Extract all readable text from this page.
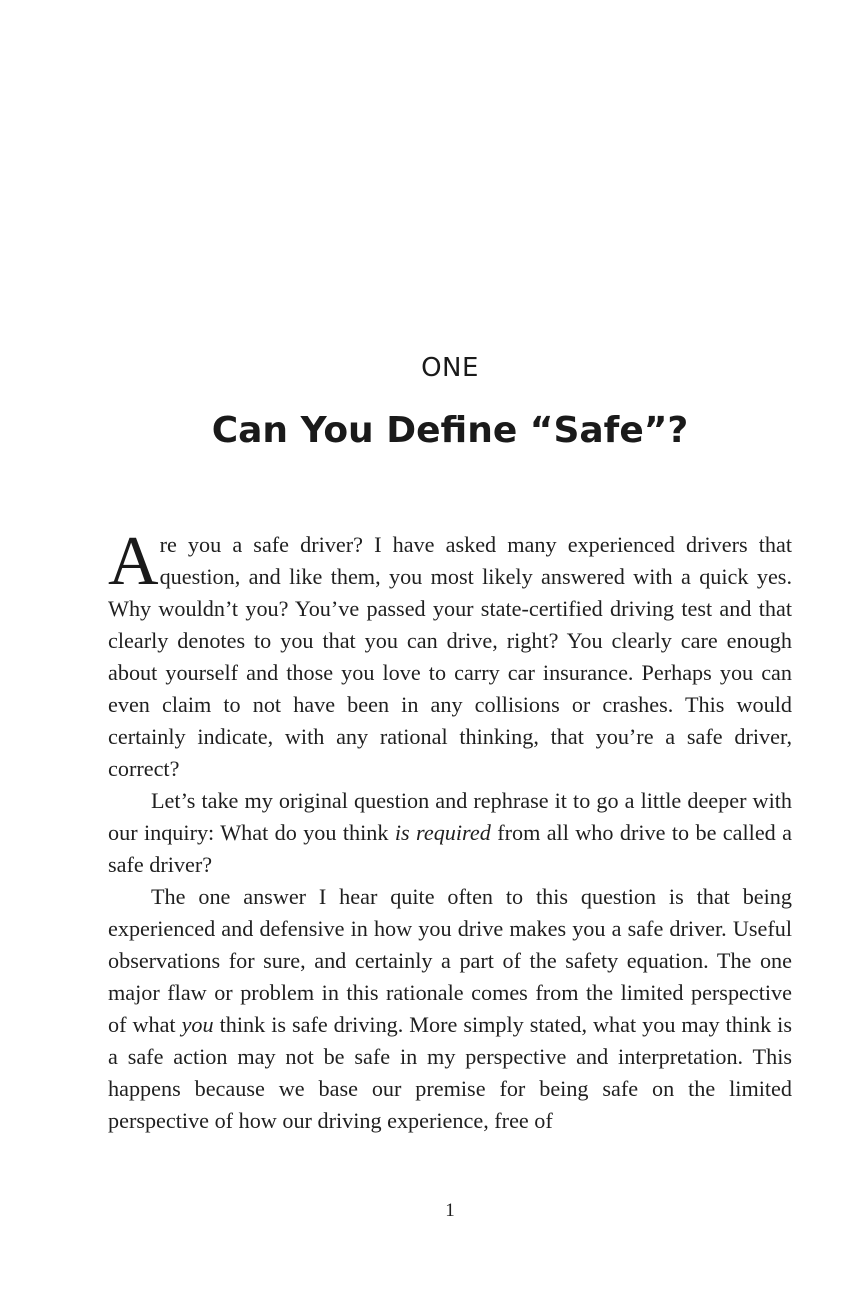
ONE
Can You Define “Safe”?

Are you a safe driver? I have asked many experienced drivers that question, and like them, you most likely answered with a quick yes. Why wouldn’t you? You’ve passed your state-certified driving test and that clearly denotes to you that you can drive, right? You clearly care enough about yourself and those you love to carry car insurance. Perhaps you can even claim to not have been in any collisions or crashes. This would certainly indicate, with any rational thinking, that you’re a safe driver, correct?

Let’s take my original question and rephrase it to go a little deeper with our inquiry: What do you think is required from all who drive to be called a safe driver?

The one answer I hear quite often to this question is that being experienced and defensive in how you drive makes you a safe driver. Useful observations for sure, and certainly a part of the safety equation. The one major flaw or problem in this rationale comes from the limited perspective of what you think is safe driving. More simply stated, what you may think is a safe action may not be safe in my perspective and interpretation. This happens because we base our premise for being safe on the limited perspective of how our driving experience, free of

1
